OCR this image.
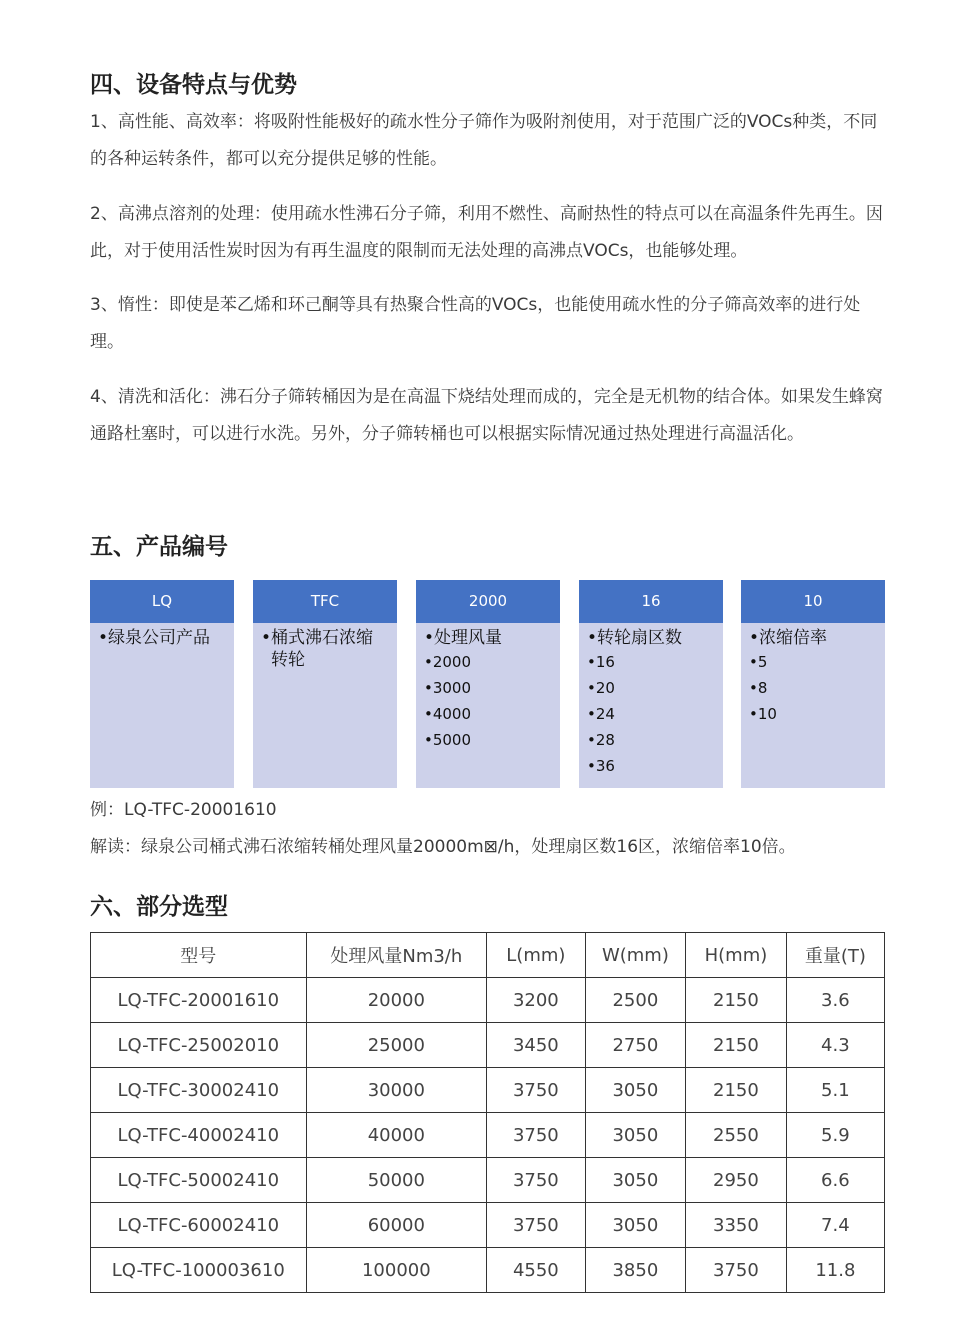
四、设备特点与优势

1、高性能、高效率：将吸附性能极好的疏水性分子筛作为吸附剂使用，对于范围广泛的VOCs种类，不同的各种运转条件，都可以充分提供足够的性能。

2、高沸点溶剂的处理：使用疏水性沸石分子筛，利用不燃性、高耐热性的特点可以在高温条件先再生。因此，对于使用活性炭时因为有再生温度的限制而无法处理的高沸点VOCs，也能够处理。

3、惰性：即使是苯乙烯和环己酮等具有热聚合性高的VOCs，也能使用疏水性的分子筛高效率的进行处理。

4、清洗和活化：沸石分子筛转桶因为是在高温下烧结处理而成的，完全是无机物的结合体。如果发生蜂窝通路杜塞时，可以进行水洗。另外，分子筛转桶也可以根据实际情况通过热处理进行高温活化。

五、产品编号
LQ
•绿泉公司产品
TFC
•桶式沸石浓缩
转轮
2000
•处理风量
•2000
•3000
•4000
•5000
16
•转轮扇区数
•16
•20
•24
•28
•36
10
•浓缩倍率
•5
•8
•10

例：LQ-TFC-20001610

解读：绿泉公司桶式沸石浓缩转桶处理风量20000m⊠/h，处理扇区数16区，浓缩倍率10倍。

六、部分选型
型号	处理风量Nm3/h	L(mm)	W(mm)	H(mm)	重量(T)
LQ-TFC-20001610	20000	3200	2500	2150	3.6
LQ-TFC-25002010	25000	3450	2750	2150	4.3
LQ-TFC-30002410	30000	3750	3050	2150	5.1
LQ-TFC-40002410	40000	3750	3050	2550	5.9
LQ-TFC-50002410	50000	3750	3050	2950	6.6
LQ-TFC-60002410	60000	3750	3050	3350	7.4
LQ-TFC-100003610	100000	4550	3850	3750	11.8
